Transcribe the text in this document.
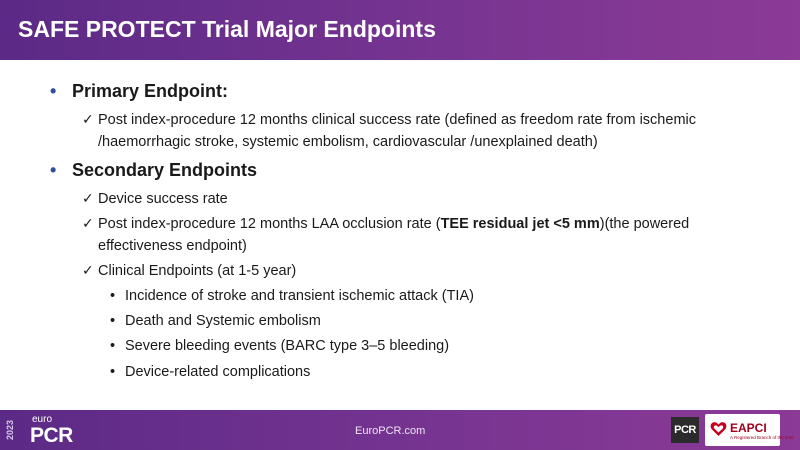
SAFE PROTECT Trial Major Endpoints
• Primary Endpoint:
✓ Post index-procedure 12 months clinical success rate (defined as freedom rate from ischemic /haemorrhagic stroke, systemic embolism, cardiovascular /unexplained death)
• Secondary Endpoints
✓ Device success rate
✓ Post index-procedure 12 months LAA occlusion rate (TEE residual jet <5 mm)(the powered effectiveness endpoint)
✓ Clinical Endpoints (at 1-5 year)
• Incidence of stroke and transient ischemic attack (TIA)
• Death and Systemic embolism
• Severe bleeding events (BARC type 3–5 bleeding)
• Device-related complications
2023
euro
PCR	EuroPCR.com	PCR	EAPCI
A Registered Branch of the ESC
